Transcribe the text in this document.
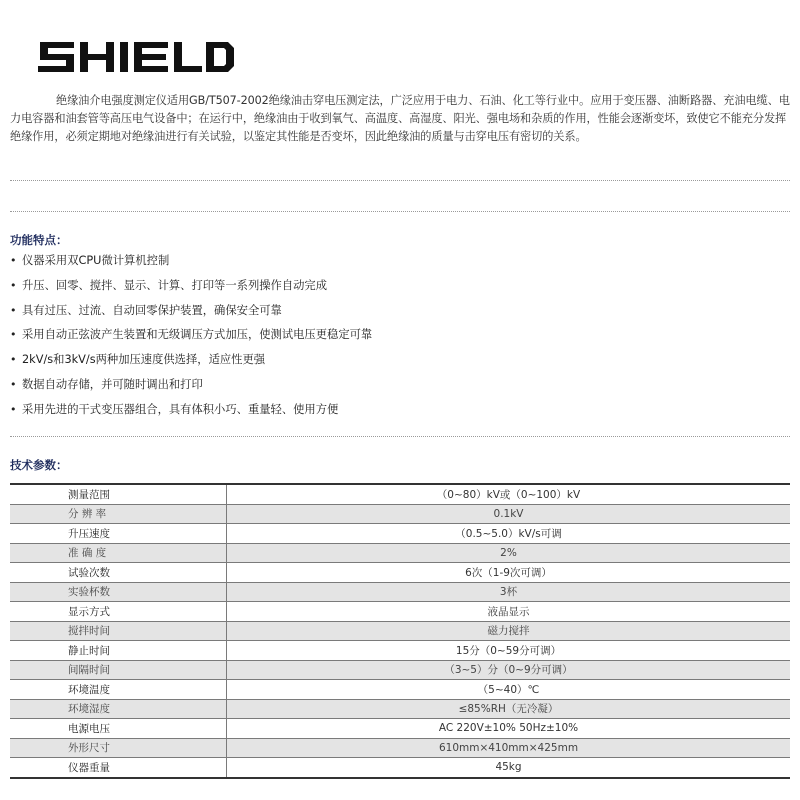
绝缘油介电强度测定仪适用GB/T507-2002绝缘油击穿电压测定法，广泛应用于电力、石油、化工等行业中。应用于变压器、油断路器、充油电缆、电力电容器和油套管等高压电气设备中；在运行中，绝缘油由于收到氧气、高温度、高湿度、阳光、强电场和杂质的作用，性能会逐渐变坏，致使它不能充分发挥绝缘作用，必须定期地对绝缘油进行有关试验，以鉴定其性能是否变坏，因此绝缘油的质量与击穿电压有密切的关系。
功能特点：
• 仪器采用双CPU微计算机控制
• 升压、回零、搅拌、显示、计算、打印等一系列操作自动完成
• 具有过压、过流、自动回零保护装置，确保安全可靠
• 采用自动正弦波产生装置和无级调压方式加压，使测试电压更稳定可靠
• 2kV/s和3kV/s两种加压速度供选择，适应性更强
• 数据自动存储，并可随时调出和打印
• 采用先进的干式变压器组合，具有体积小巧、重量轻、使用方便
技术参数：
测量范围	（0~80）kV或（0~100）kV
分 辨 率	0.1kV
升压速度	（0.5~5.0）kV/s可调
准 确 度	2%
试验次数	6次（1-9次可调）
实验杯数	3杯
显示方式	液晶显示
搅拌时间	磁力搅拌
静止时间	15分（0~59分可调）
间隔时间	（3~5）分（0~9分可调）
环境温度	（5~40）℃
环境湿度	≤85%RH（无冷凝）
电源电压	AC 220V±10% 50Hz±10%
外形尺寸	610mm×410mm×425mm
仪器重量	45kg
